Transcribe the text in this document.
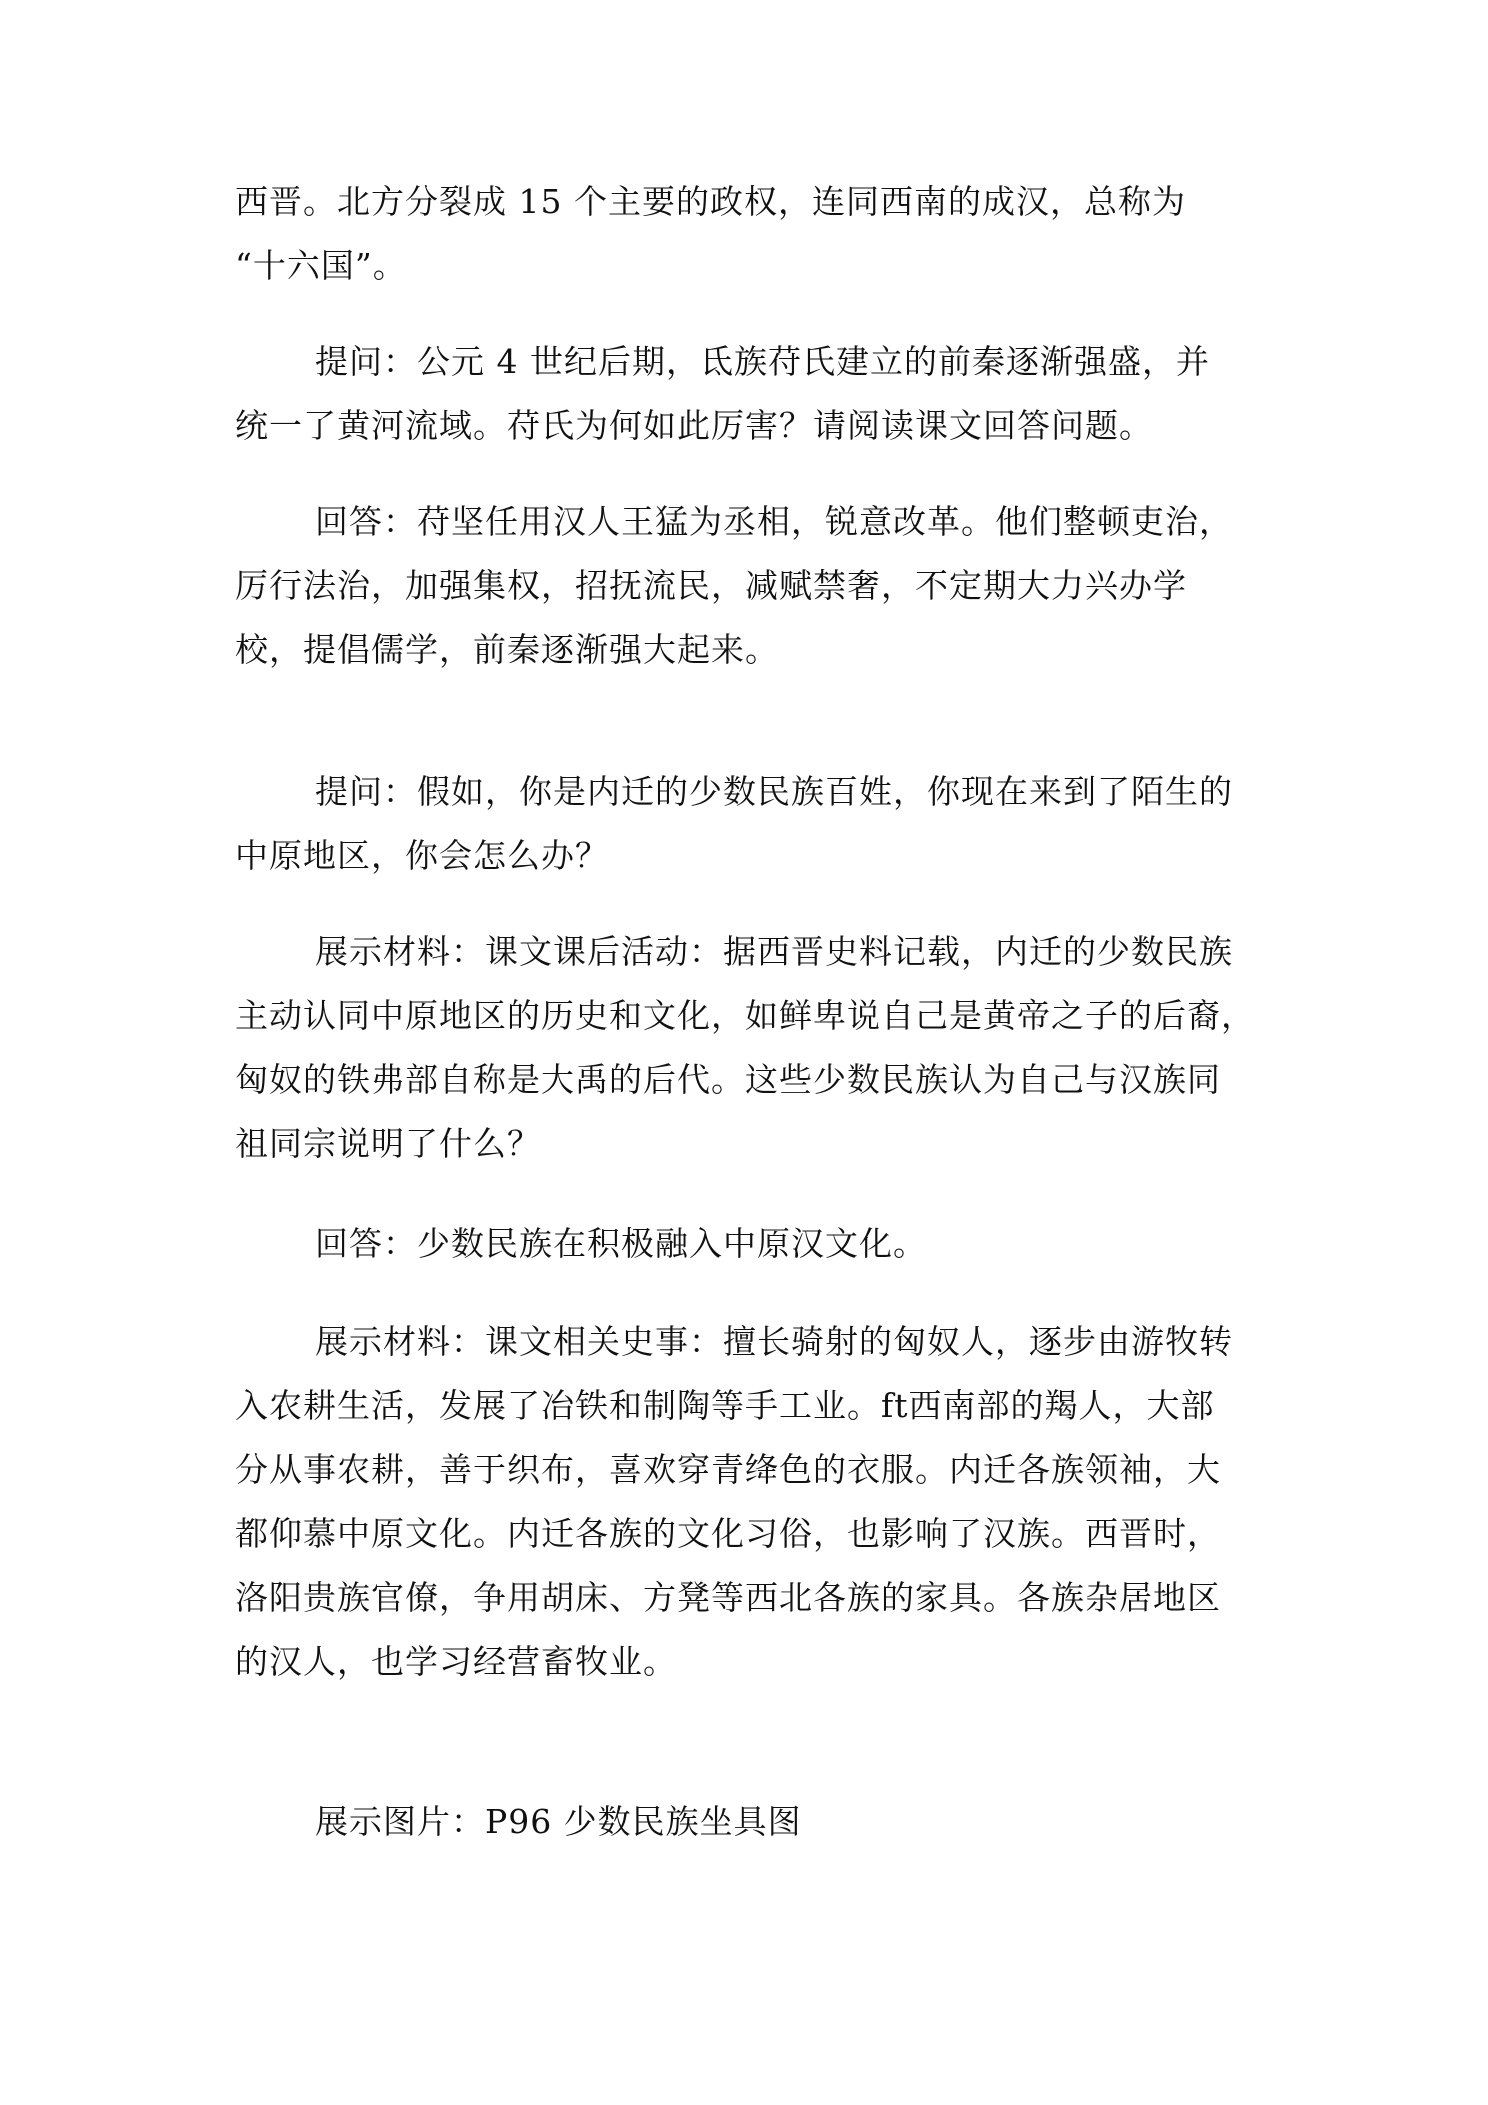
西晋。北方分裂成 15 个主要的政权，连同西南的成汉，总称为
“十六国”。
提问：公元 4 世纪后期，氐族苻氏建立的前秦逐渐强盛，并
统一了黄河流域。苻氏为何如此厉害？请阅读课文回答问题。
回答：苻坚任用汉人王猛为丞相，锐意改革。他们整顿吏治，
厉行法治，加强集权，招抚流民，减赋禁奢，不定期大力兴办学
校，提倡儒学，前秦逐渐强大起来。
提问：假如，你是内迁的少数民族百姓，你现在来到了陌生的
中原地区，你会怎么办？
展示材料：课文课后活动：据西晋史料记载，内迁的少数民族
主动认同中原地区的历史和文化，如鲜卑说自己是黄帝之子的后裔，
匈奴的铁弗部自称是大禹的后代。这些少数民族认为自己与汉族同
祖同宗说明了什么？
回答：少数民族在积极融入中原汉文化。
展示材料：课文相关史事：擅长骑射的匈奴人，逐步由游牧转
入农耕生活，发展了冶铁和制陶等手工业。ft西南部的羯人，大部
分从事农耕，善于织布，喜欢穿青绛色的衣服。内迁各族领袖，大
都仰慕中原文化。内迁各族的文化习俗，也影响了汉族。西晋时，
洛阳贵族官僚，争用胡床、方凳等西北各族的家具。各族杂居地区
的汉人，也学习经营畜牧业。
展示图片：P96 少数民族坐具图
